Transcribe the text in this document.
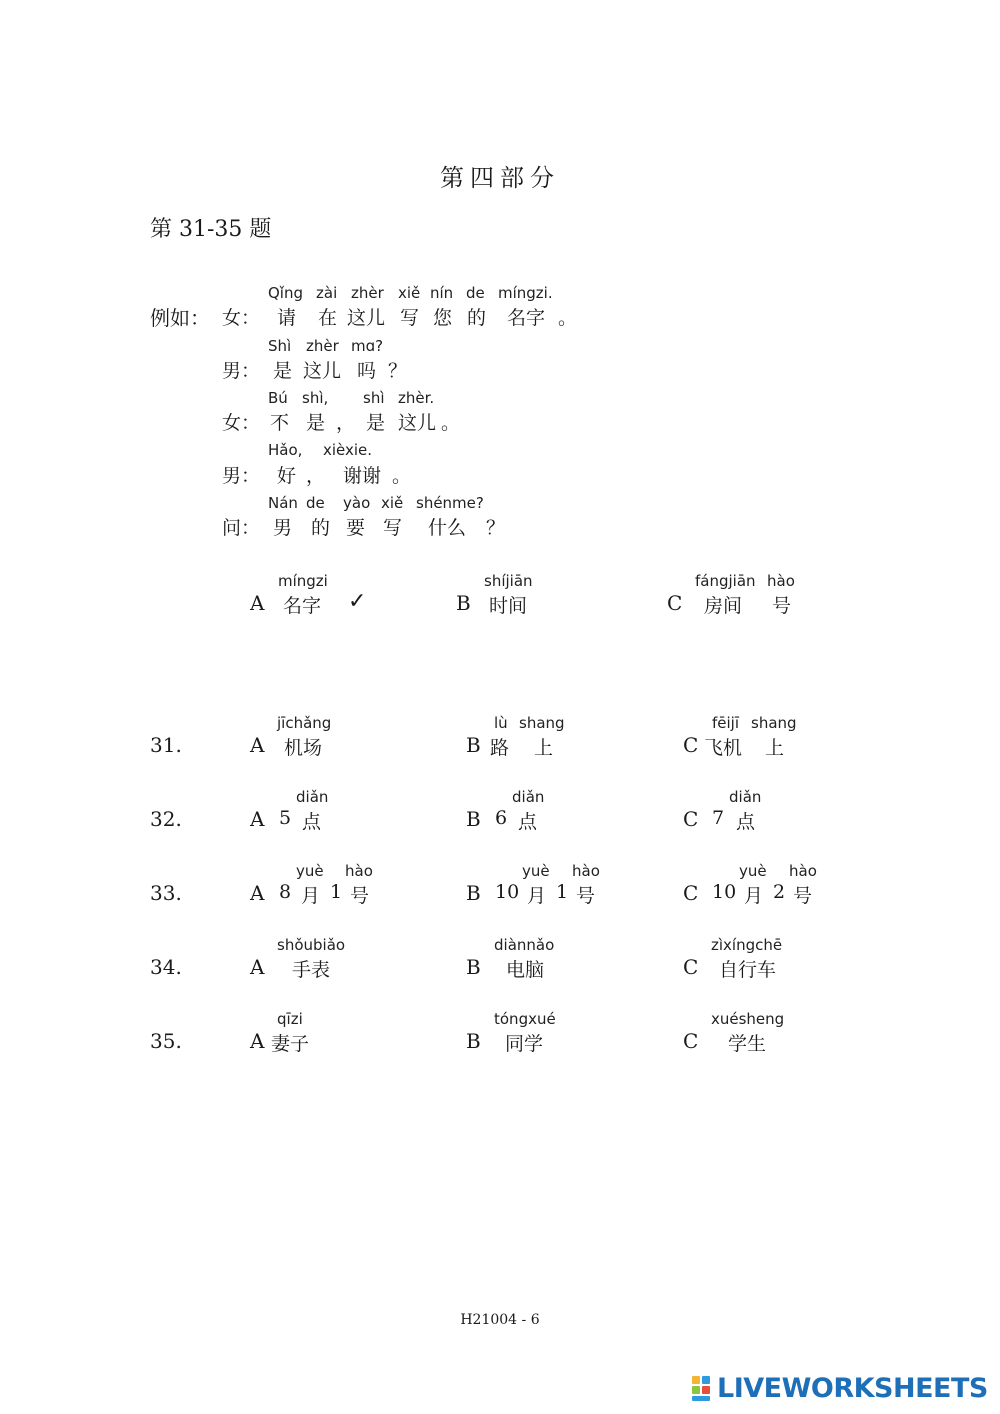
第四部分
第 31-35 题
例如：
Qǐng zài zhèr xiě nín de míngzi.
女： 请 在 这儿 写 您 的 名字 。
Shì zhèr mɑ?
男： 是 这儿 吗 ？
Bú shì, shì zhèr.
女： 不 是 ， 是 这儿 。
Hǎo, xièxie.
男： 好 ， 谢谢 。
Nán de yào xiě shénme?
问： 男 的 要 写 什么 ？
míngzi
A 名字 ✓
shíjiān
B 时间
fángjiān hào
C 房间 号
31.
jīchǎng
A 机场
lù shang
B 路 上
fēijī shang
C 飞机 上
32.
diǎn
A 5 点
diǎn
B 6 点
diǎn
C 7 点
33.
yuè hào
A 8 月 1 号
yuè hào
B 10 月 1 号
yuè hào
C 10 月 2 号
34.
shǒubiǎo
A 手表
diànnǎo
B 电脑
zìxíngchē
C 自行车
35.
qīzi
A 妻子
tóngxué
B 同学
xuésheng
C 学生
H21004 - 6
LIVEWORKSHEETS
